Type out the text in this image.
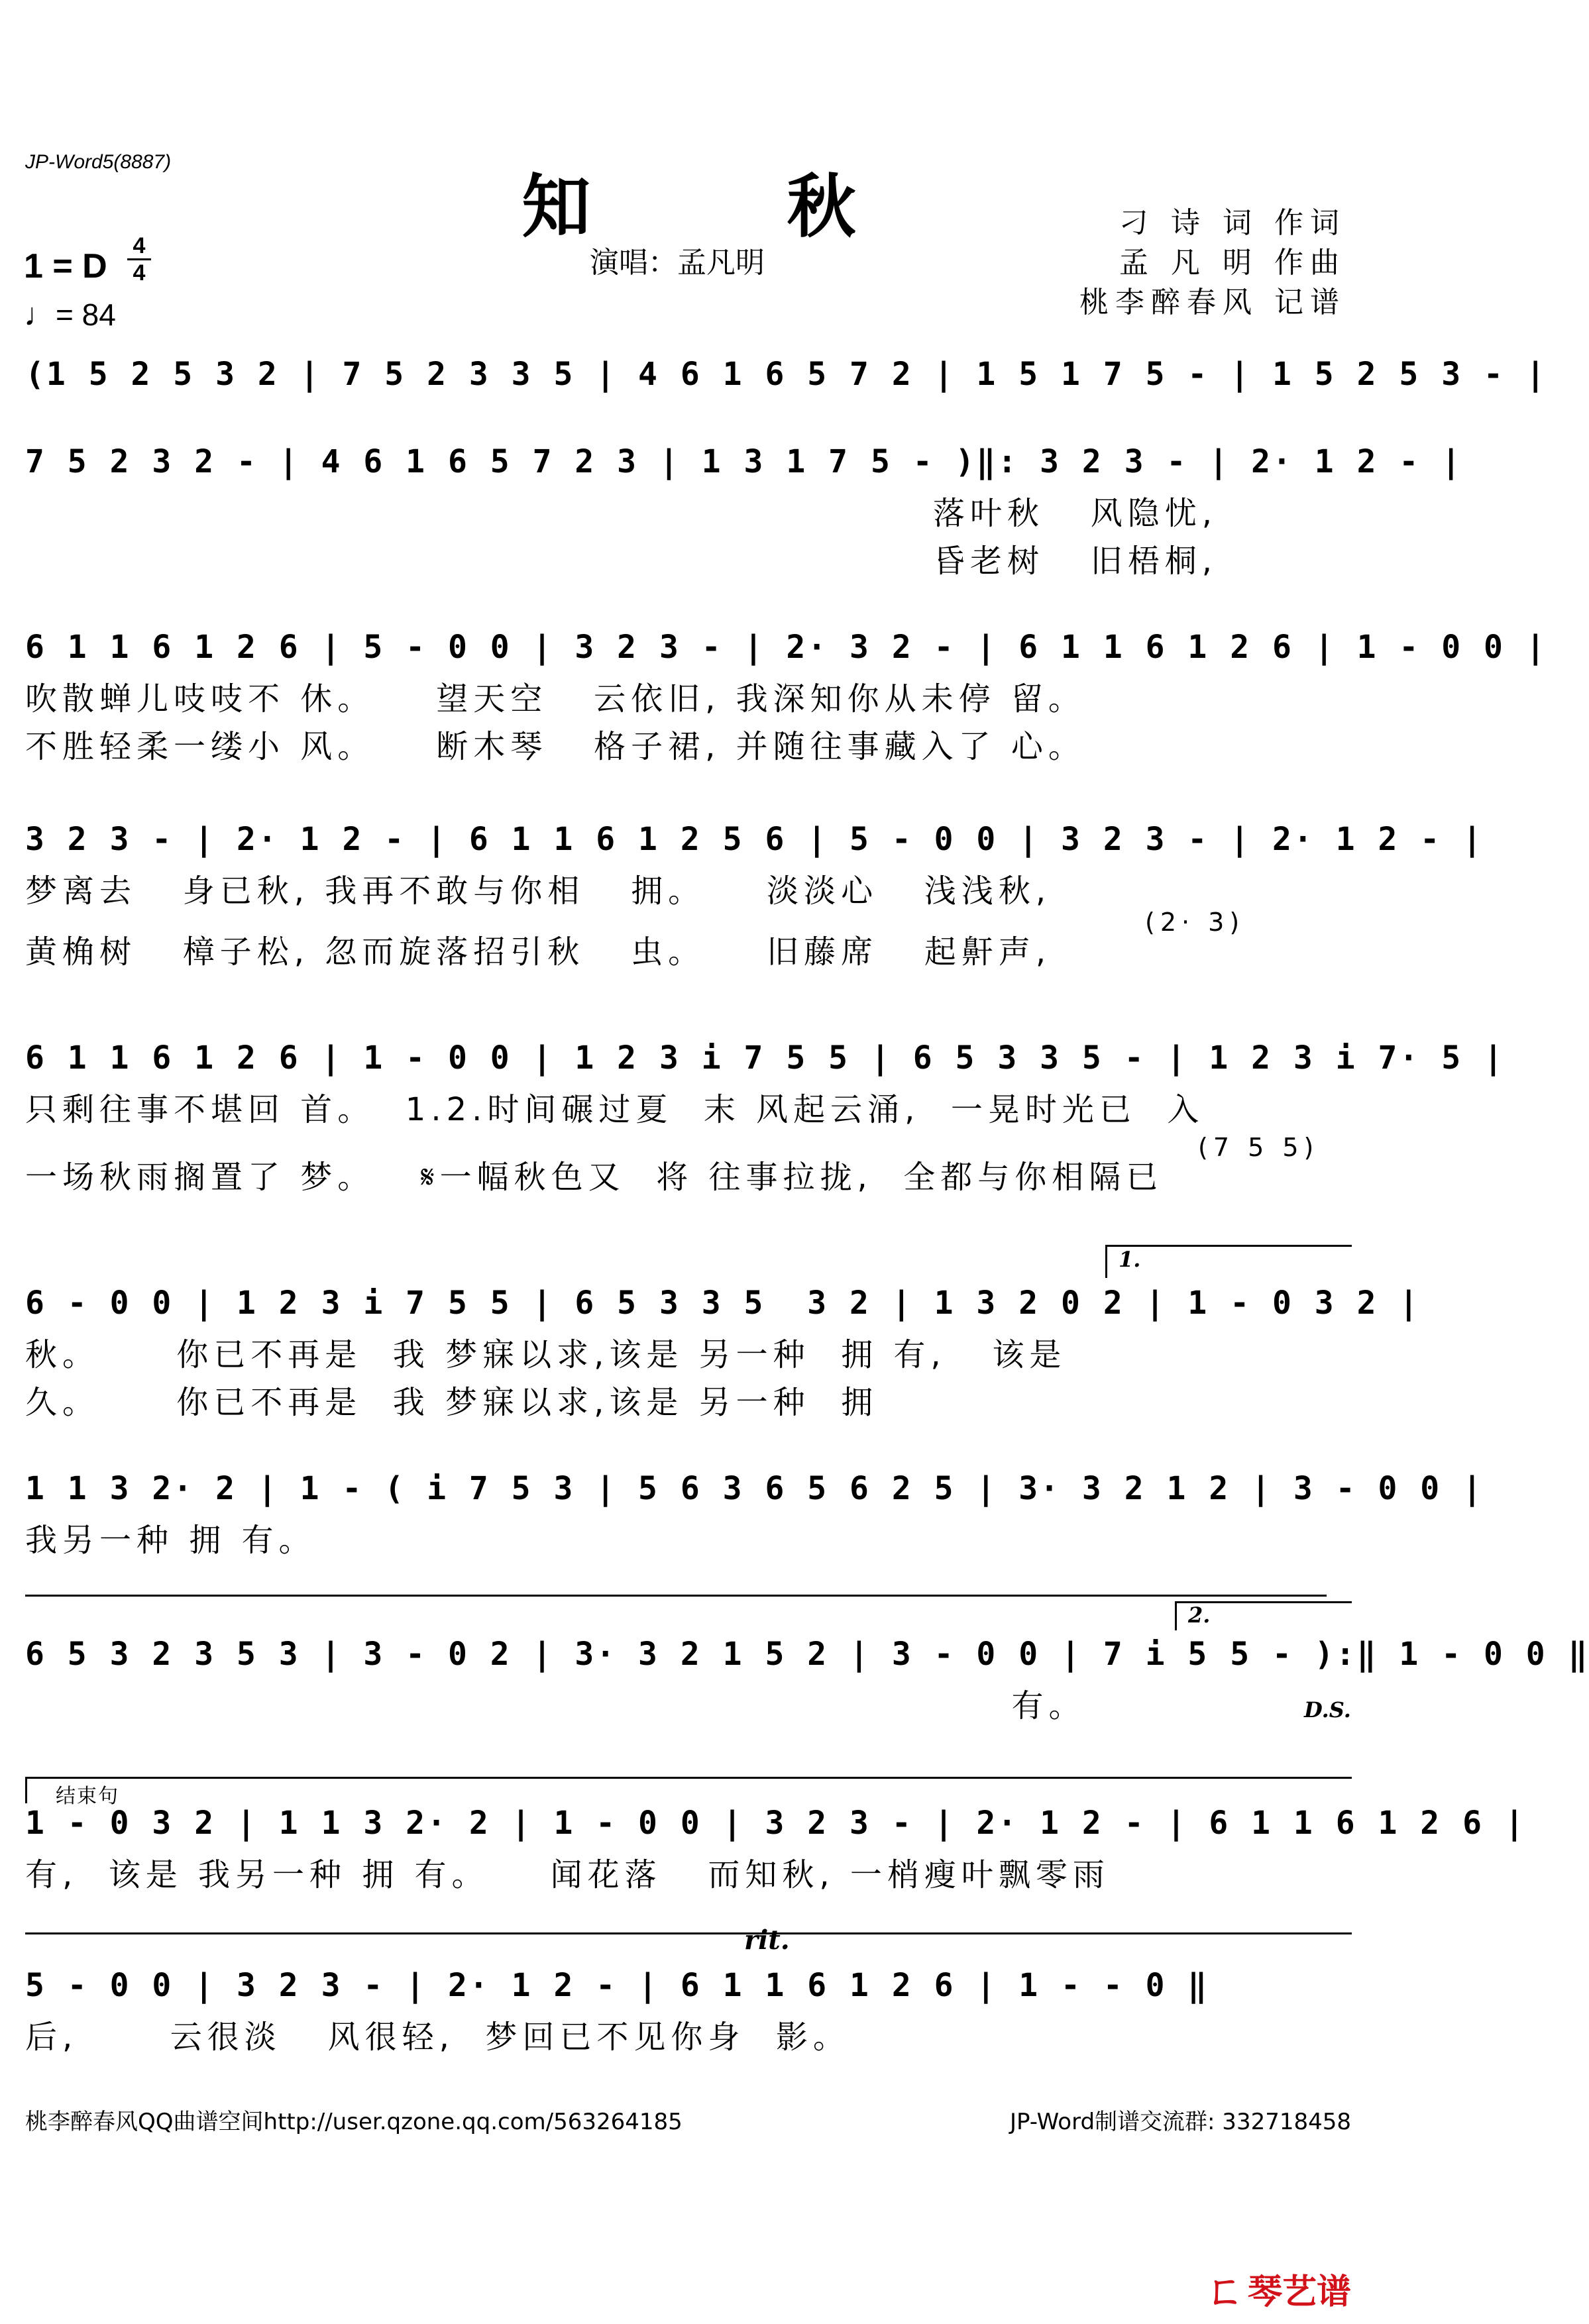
JP-Word5(8887)
知 秋
演唱：孟凡明
刁 诗 词 作词
孟 凡 明 作曲
桃李醉春风 记谱
1 = D
4
4
♩= 84
(1 5 2 5 3 2 | 7 5 2 3 3 5 | 4 6 1 6 5 7 2 | 1 5 1 7 5 - | 1 5 2 5 3 - |
7 5 2 3 2 - | 4 6 1 6 5 7 2 3 | 1 3 1 7 5 - )‖: 3 2 3 - | 2· 1 2 - |
落叶秋   风隐忧,
昏老树   旧梧桐,
6 1 1 6 1 2 6 | 5 - 0 0 | 3 2 3 - | 2· 3 2 - | 6 1 1 6 1 2 6 | 1 - 0 0 |
吹散蝉儿吱吱不 休。    望天空   云依旧, 我深知你从未停 留。
不胜轻柔一缕小 风。    断木琴   格子裙, 并随往事藏入了 心。
3 2 3 - | 2· 1 2 - | 6 1 1 6 1 2 5 6 | 5 - 0 0 | 3 2 3 - | 2· 1 2 - |
梦离去   身已秋, 我再不敢与你相   拥。    淡淡心   浅浅秋,
(2· 3)
黄桷树   樟子松, 忽而旋落招引秋   虫。    旧藤席   起鼾声,
6 1 1 6 1 2 6 | 1 - 0 0 | 1 2 3 i 7 5 5 | 6 5 3 3 5 - | 1 2 3 i 7· 5 |
只剩往事不堪回 首。  1.2.时间碾过夏  末 风起云涌,  一晃时光已  入
(7 5 5)
一场秋雨搁置了 梦。   𝄋一幅秋色又  将 往事拉拢,  全都与你相隔已
1.
6 - 0 0 | 1 2 3 i 7 5 5 | 6 5 3 3 5  3 2 | 1 3 2 0 2 | 1 - 0 3 2 |
秋。     你已不再是  我 梦寐以求,该是 另一种  拥 有,   该是
久。     你已不再是  我 梦寐以求,该是 另一种  拥
1 1 3 2· 2 | 1 - ( i 7 5 3 | 5 6 3 6 5 6 2 5 | 3· 3 2 1 2 | 3 - 0 0 |
我另一种 拥 有。
2.
6 5 3 2 3 5 3 | 3 - 0 2 | 3· 3 2 1 5 2 | 3 - 0 0 | 7 i 5 5 - ):‖ 1 - 0 0 ‖
有。	D.S.
结束句
1 - 0 3 2 | 1 1 3 2· 2 | 1 - 0 0 | 3 2 3 - | 2· 1 2 - | 6 1 1 6 1 2 6 |
有,  该是 我另一种 拥 有。    闻花落   而知秋, 一梢瘦叶飘零雨
rit.
5 - 0 0 | 3 2 3 - | 2· 1 2 - | 6 1 1 6 1 2 6 | 1 - - 0 ‖
后,      云很淡   风很轻,  梦回已不见你身  影。
桃李醉春风QQ曲谱空间http://user.qzone.qq.com/563264185	JP-Word制谱交流群: 332718458
ㄈ 琴艺谱
